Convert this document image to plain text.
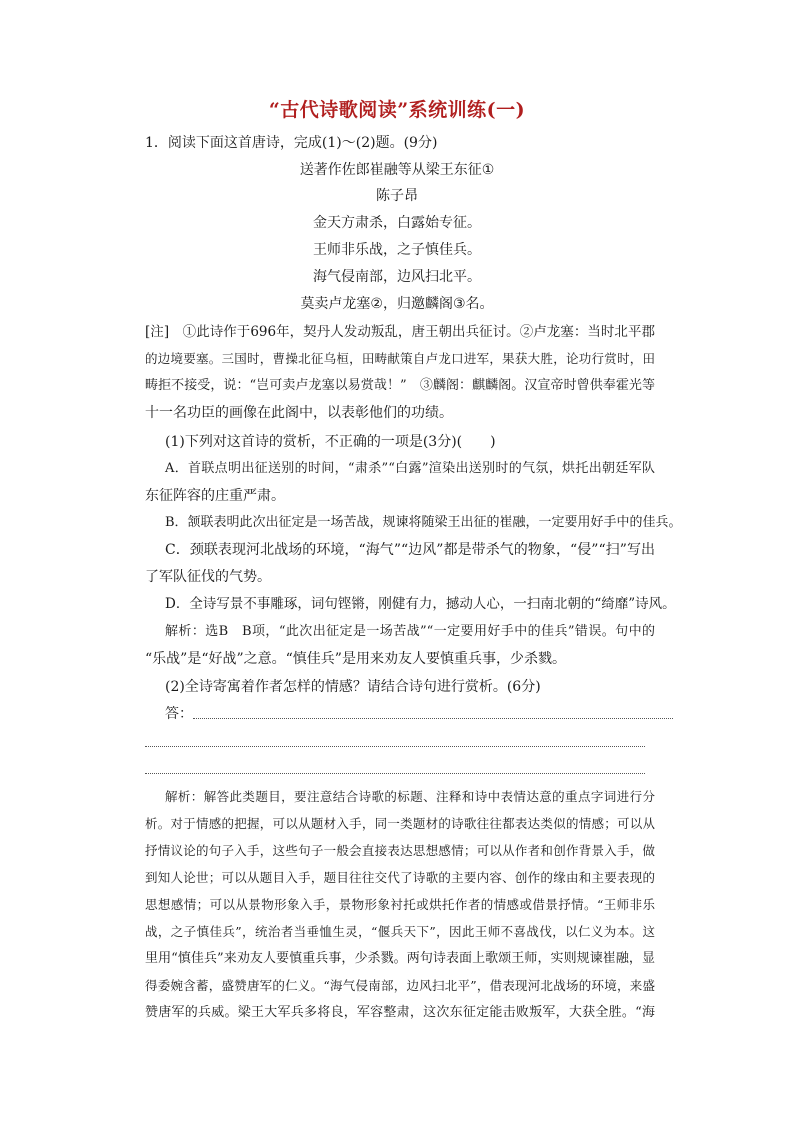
“古代诗歌阅读”系统训练(一)
1．阅读下面这首唐诗，完成(1)～(2)题。(9分)
送著作佐郎崔融等从梁王东征①
陈子昂
金天方肃杀，白露始专征。
王师非乐战，之子慎佳兵。
海气侵南部，边风扫北平。
莫卖卢龙塞②，归邀麟阁③名。
[注]　①此诗作于696年，契丹人发动叛乱，唐王朝出兵征讨。②卢龙塞：当时北平郡
的边境要塞。三国时，曹操北征乌桓，田畴献策自卢龙口进军，果获大胜，论功行赏时，田
畴拒不接受，说：“岂可卖卢龙塞以易赏哉！”　③麟阁：麒麟阁。汉宣帝时曾供奉霍光等
十一名功臣的画像在此阁中，以表彰他们的功绩。
(1)下列对这首诗的赏析，不正确的一项是(3分)(　　)
A．首联点明出征送别的时间，“肃杀”“白露”渲染出送别时的气氛，烘托出朝廷军队
东征阵容的庄重严肃。
B．颔联表明此次出征定是一场苦战，规谏将随梁王出征的崔融，一定要用好手中的佳兵。
C．颈联表现河北战场的环境，“海气”“边风”都是带杀气的物象，“侵”“扫”写出
了军队征伐的气势。
D．全诗写景不事雕琢，词句铿锵，刚健有力，撼动人心，一扫南北朝的“绮靡”诗风。
解析：选B　B项，“此次出征定是一场苦战”“一定要用好手中的佳兵”错误。句中的
“乐战”是“好战”之意。“慎佳兵”是用来劝友人要慎重兵事，少杀戮。
(2)全诗寄寓着作者怎样的情感？请结合诗句进行赏析。(6分)
答：
解析：解答此类题目，要注意结合诗歌的标题、注释和诗中表情达意的重点字词进行分
析。对于情感的把握，可以从题材入手，同一类题材的诗歌往往都表达类似的情感；可以从
抒情议论的句子入手，这些句子一般会直接表达思想感情；可以从作者和创作背景入手，做
到知人论世；可以从题目入手，题目往往交代了诗歌的主要内容、创作的缘由和主要表现的
思想感情；可以从景物形象入手，景物形象衬托或烘托作者的情感或借景抒情。“王师非乐
战，之子慎佳兵”，统治者当垂恤生灵，“偃兵天下”，因此王师不喜战伐，以仁义为本。这
里用“慎佳兵”来劝友人要慎重兵事，少杀戮。两句诗表面上歌颂王师，实则规谏崔融，显
得委婉含蓄，盛赞唐军的仁义。“海气侵南部，边风扫北平”，借表现河北战场的环境，来盛
赞唐军的兵威。梁王大军兵多将良，军容整肃，这次东征定能击败叛军，大获全胜。“海
